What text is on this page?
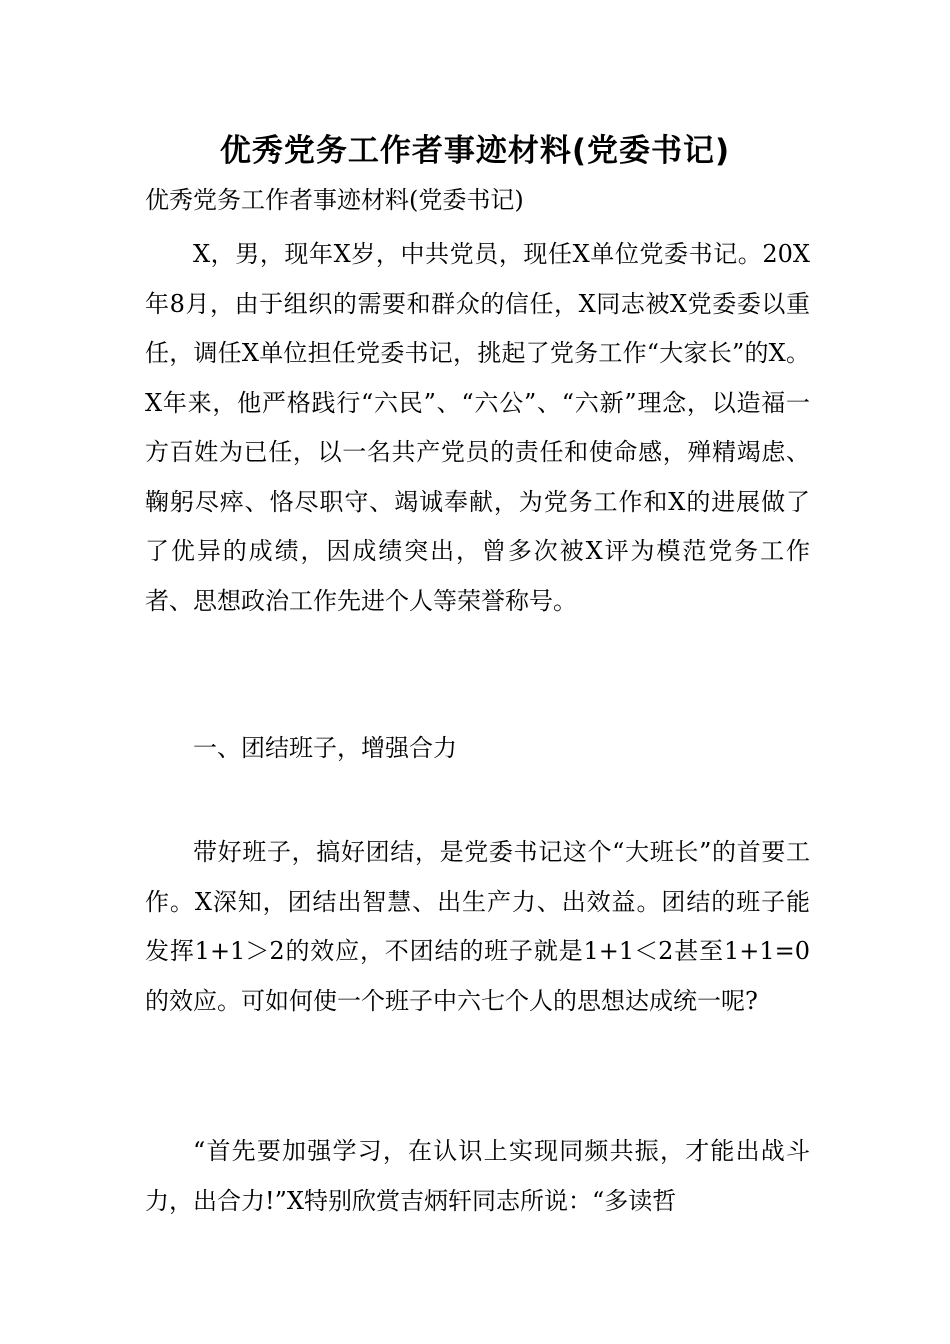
优秀党务工作者事迹材料(党委书记)

优秀党务工作者事迹材料(党委书记)

X，男，现年X岁，中共党员，现任X单位党委书记。20X年8月，由于组织的需要和群众的信任，X同志被X党委委以重任，调任X单位担任党委书记，挑起了党务工作“大家长”的X。X年来，他严格践行“六民”、“六公”、“六新”理念，以造福一方百姓为已任，以一名共产党员的责任和使命感，殚精竭虑、鞠躬尽瘁、恪尽职守、竭诚奉献，为党务工作和X的进展做了了优异的成绩，因成绩突出，曾多次被X评为模范党务工作者、思想政治工作先进个人等荣誉称号。

一、团结班子，增强合力

带好班子，搞好团结，是党委书记这个“大班长”的首要工作。X深知，团结出智慧、出生产力、出效益。团结的班子能发挥1+1＞2的效应，不团结的班子就是1+1＜2甚至1+1=0的效应。可如何使一个班子中六七个人的思想达成统一呢?

“首先要加强学习，在认识上实现同频共振，才能出战斗力，出合力!”X特别欣赏吉炳轩同志所说：“多读哲
